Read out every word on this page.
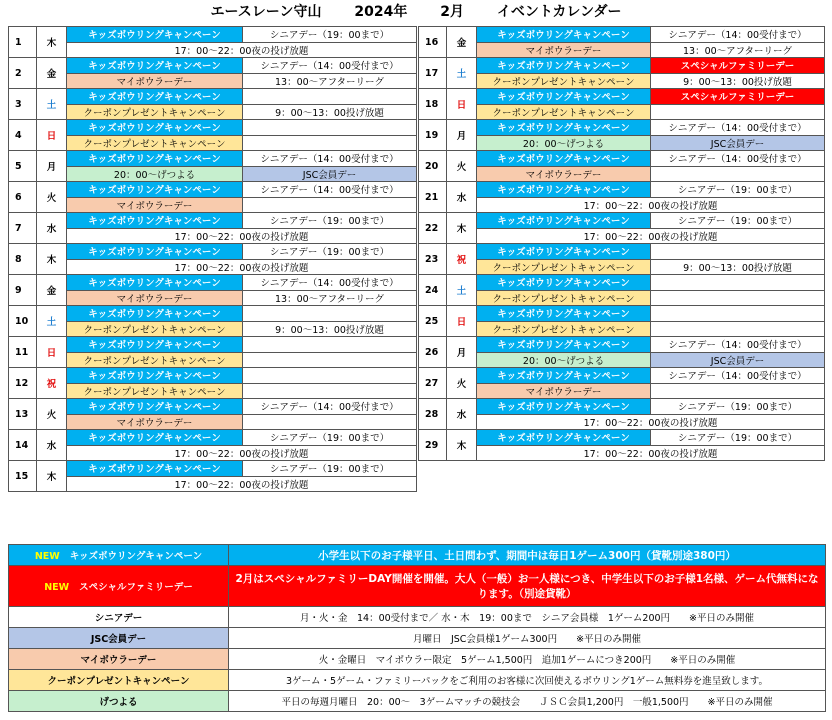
エースレーン守山 2024年 2月 イベントカレンダー
1	木	キッズボウリングキャンペーン	シニアデー（19：00まで）
		17：00～22：00夜の投げ放題	
2	金	キッズボウリングキャンペーン	シニアデー（14：00受付まで）
		マイボウラーデー	13：00～アフターリーグ
3	土	キッズボウリングキャンペーン	
		クーポンプレゼントキャンペーン	9：00～13：00投げ放題
4	日	キッズボウリングキャンペーン	
		クーポンプレゼントキャンペーン	
5	月	キッズボウリングキャンペーン	シニアデー（14：00受付まで）
		20：00～げつよる	JSC会員デー
6	火	キッズボウリングキャンペーン	シニアデー（14：00受付まで）
		マイボウラーデー	
7	水	キッズボウリングキャンペーン	シニアデー（19：00まで）
		17：00～22：00夜の投げ放題	
8	木	キッズボウリングキャンペーン	シニアデー（19：00まで）
		17：00～22：00夜の投げ放題	
9	金	キッズボウリングキャンペーン	シニアデー（14：00受付まで）
		マイボウラーデー	13：00～アフターリーグ
10	土	キッズボウリングキャンペーン	
		クーポンプレゼントキャンペーン	9：00～13：00投げ放題
11	日	キッズボウリングキャンペーン	
		クーポンプレゼントキャンペーン	
12	祝	キッズボウリングキャンペーン	
		クーポンプレゼントキャンペーン	
13	火	キッズボウリングキャンペーン	シニアデー（14：00受付まで）
		マイボウラーデー	
14	水	キッズボウリングキャンペーン	シニアデー（19：00まで）
		17：00～22：00夜の投げ放題	
15	木	キッズボウリングキャンペーン	シニアデー（19：00まで）
		17：00～22：00夜の投げ放題	
16	金	キッズボウリングキャンペーン	シニアデー（14：00受付まで）
		マイボウラーデー	13：00～アフターリーグ
17	土	キッズボウリングキャンペーン	スペシャルファミリーデー
		クーポンプレゼントキャンペーン	9：00～13：00投げ放題
18	日	キッズボウリングキャンペーン	スペシャルファミリーデー
		クーポンプレゼントキャンペーン	
19	月	キッズボウリングキャンペーン	シニアデー（14：00受付まで）
		20：00～げつよる	JSC会員デー
20	火	キッズボウリングキャンペーン	シニアデー（14：00受付まで）
		マイボウラーデー	
21	水	キッズボウリングキャンペーン	シニアデー（19：00まで）
		17：00～22：00夜の投げ放題	
22	木	キッズボウリングキャンペーン	シニアデー（19：00まで）
		17：00～22：00夜の投げ放題	
23	祝	キッズボウリングキャンペーン	
		クーポンプレゼントキャンペーン	9：00～13：00投げ放題
24	土	キッズボウリングキャンペーン	
		クーポンプレゼントキャンペーン	
25	日	キッズボウリングキャンペーン	
		クーポンプレゼントキャンペーン	
26	月	キッズボウリングキャンペーン	シニアデー（14：00受付まで）
		20：00～げつよる	JSC会員デー
27	火	キッズボウリングキャンペーン	シニアデー（14：00受付まで）
		マイボウラーデー	
28	水	キッズボウリングキャンペーン	シニアデー（19：00まで）
		17：00～22：00夜の投げ放題	
29	木	キッズボウリングキャンペーン	シニアデー（19：00まで）
		17：00～22：00夜の投げ放題	
NEW キッズボウリングキャンペーン	小学生以下のお子様平日、土日問わず、期間中は毎日1ゲーム300円（貸靴別途380円）
NEW スペシャルファミリーデー	2月はスペシャルファミリーDAY開催を開催。大人（一般）お一人様につき、中学生以下のお子様1名様、ゲーム代無料になります。（別途貸靴）
シニアデー	月・火・金　14：00受付まで／ 水・木　19：00まで　シニア会員様　1ゲーム200円　　※平日のみ開催
JSC会員デー	月曜日　JSC会員様1ゲーム300円　　※平日のみ開催
マイボウラーデー	火・金曜日　マイボウラー限定　5ゲーム1,500円　追加1ゲームにつき200円　　※平日のみ開催
クーポンプレゼントキャンペーン	3ゲーム・5ゲーム・ファミリーパックをご利用のお客様に次回使えるボウリング1ゲーム無料券を進呈致します。
げつよる	平日の毎週月曜日　20：00～　3ゲームマッチの競技会　　ＪＳＣ会員1,200円　一般1,500円　　※平日のみ開催
